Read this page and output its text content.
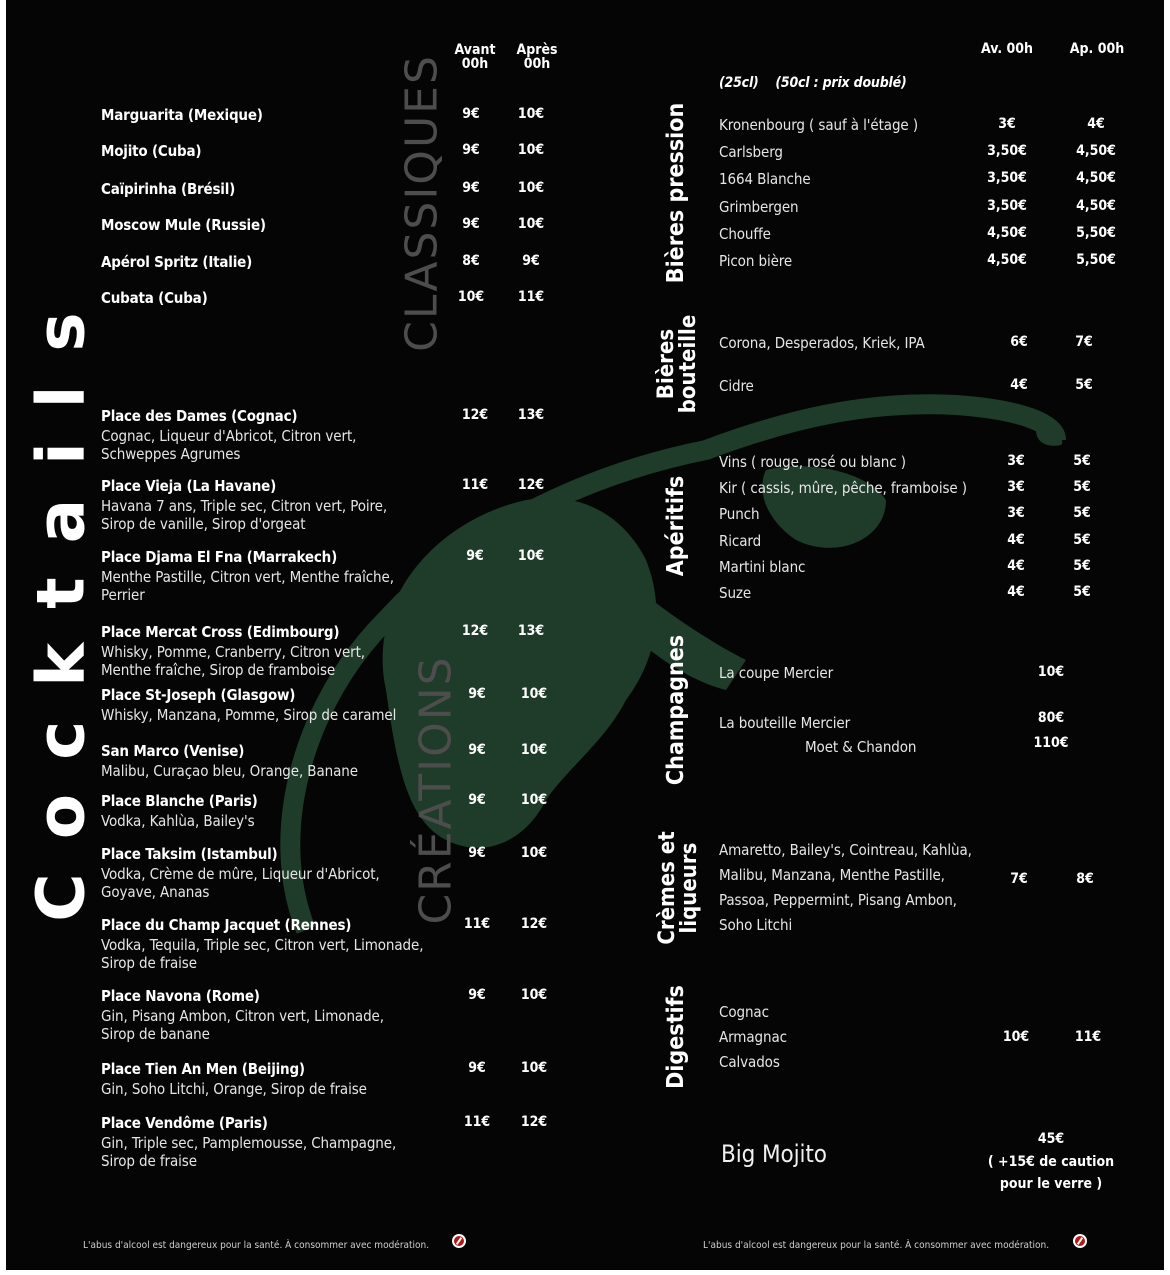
Cocktails
CLASSIQUES
CRÉATIONS
Avant
00h
Après
00h
Marguarita (Mexique)	9€	10€
Mojito (Cuba)	9€	10€
Caïpirinha (Brésil)	9€	10€
Moscow Mule (Russie)	9€	10€
Apérol Spritz (Italie)	8€	9€
Cubata (Cuba)	10€	11€
Place des Dames (Cognac)
Cognac, Liqueur d'Abricot, Citron vert,
Schweppes Agrumes
12€	13€
Place Vieja (La Havane)
Havana 7 ans, Triple sec, Citron vert, Poire,
Sirop de vanille, Sirop d'orgeat
11€	12€
Place Djama El Fna (Marrakech)
Menthe Pastille, Citron vert, Menthe fraîche,
Perrier
9€	10€
Place Mercat Cross (Edimbourg)
Whisky, Pomme, Cranberry, Citron vert,
Menthe fraîche, Sirop de framboise
12€	13€
Place St-Joseph (Glasgow)
Whisky, Manzana, Pomme, Sirop de caramel
9€	10€
San Marco (Venise)
Malibu, Curaçao bleu, Orange, Banane
9€	10€
Place Blanche (Paris)
Vodka, Kahlùa, Bailey's
9€	10€
Place Taksim (Istambul)
Vodka, Crème de mûre, Liqueur d'Abricot,
Goyave, Ananas
9€	10€
Place du Champ Jacquet (Rennes)
Vodka, Tequila, Triple sec, Citron vert, Limonade,
Sirop de fraise
11€	12€
Place Navona (Rome)
Gin, Pisang Ambon, Citron vert, Limonade,
Sirop de banane
9€	10€
Place Tien An Men (Beijing)
Gin, Soho Litchi, Orange, Sirop de fraise
9€	10€
Place Vendôme (Paris)
Gin, Triple sec, Pamplemousse, Champagne,
Sirop de fraise
11€	12€
Av. 00h	Ap. 00h
(25cl)    (50cl : prix doublé)
Bières pression
Bières
bouteille
Apéritifs
Champagnes
Crèmes et
liqueurs
Digestifs
Kronenbourg ( sauf à l'étage )	3€	4€
Carlsberg	3,50€	4,50€
1664 Blanche	3,50€	4,50€
Grimbergen	3,50€	4,50€
Chouffe	4,50€	5,50€
Picon bière	4,50€	5,50€
Corona, Desperados, Kriek, IPA	6€	7€
Cidre	4€	5€
Vins ( rouge, rosé ou blanc )	3€	5€
Kir ( cassis, mûre, pêche, framboise )	3€	5€
Punch	3€	5€
Ricard	4€	5€
Martini blanc	4€	5€
Suze	4€	5€
La coupe Mercier	10€
La bouteille Mercier	80€
Moet & Chandon	110€
Amaretto, Bailey's, Cointreau, Kahlùa,
Malibu, Manzana, Menthe Pastille,
Passoa, Peppermint, Pisang Ambon,
Soho Litchi
7€	8€
Cognac
Armagnac
Calvados
10€	11€
Big Mojito
45€
( +15€ de caution
pour le verre )
L'abus d'alcool est dangereux pour la santé. À consommer avec modération.	L'abus d'alcool est dangereux pour la santé. À consommer avec modération.
